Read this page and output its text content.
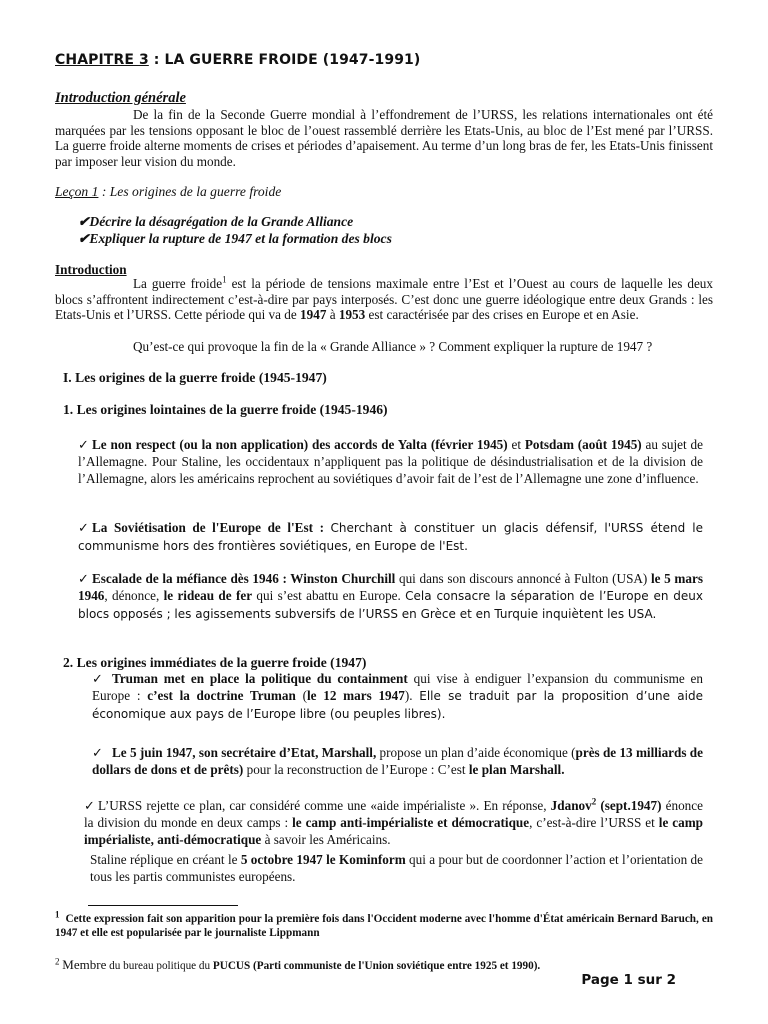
CHAPITRE 3 : LA GUERRE FROIDE (1947-1991)
Introduction générale
De la fin de la Seconde Guerre mondial à l’effondrement de l’URSS, les relations internationales ont été marquées par les tensions opposant le bloc de l’ouest rassemblé derrière les Etats-Unis, au bloc de l’Est mené par l’URSS. La guerre froide alterne moments de crises et périodes d’apaisement. Au terme d’un long bras de fer, les Etats-Unis finissent par imposer leur vision du monde.
Leçon 1 : Les origines de la guerre froide
✔Décrire la désagrégation de la Grande Alliance
✔Expliquer la rupture de 1947 et la formation des blocs
Introduction
La guerre froide$^1$ est la période de tensions maximale entre l’Est et l’Ouest au cours de laquelle les deux blocs s’affrontent indirectement c’est-à-dire par pays interposés. C’est donc une guerre idéologique entre deux Grands : les Etats-Unis et l’URSS. Cette période qui va de 1947 à 1953 est caractérisée par des crises en Europe et en Asie.
Qu’est-ce qui provoque la fin de la « Grande Alliance » ? Comment expliquer la rupture de 1947 ?
I. Les origines de la guerre froide (1945-1947)
1. Les origines lointaines de la guerre froide (1945-1946)
✓ Le non respect (ou la non application) des accords de Yalta (février 1945) et Potsdam (août 1945) au sujet de l’Allemagne. Pour Staline, les occidentaux n’appliquent pas la politique de désindustrialisation et de la division de l’Allemagne, alors les américains reprochent au soviétiques d’avoir fait de l’est de l’Allemagne une zone d’influence.
✓ La Soviétisation de l'Europe de l'Est : Cherchant à constituer un glacis défensif, l'URSS étend le communisme hors des frontières soviétiques, en Europe de l'Est.
✓ Escalade de la méfiance dès 1946 : Winston Churchill qui dans son discours annoncé à Fulton (USA) le 5 mars 1946, dénonce, le rideau de fer qui s’est abattu en Europe. Cela consacre la séparation de l’Europe en deux blocs opposés ; les agissements subversifs de l’URSS en Grèce et en Turquie inquiètent les USA.
2. Les origines immédiates de la guerre froide (1947)
✓ Truman met en place la politique du containment qui vise à endiguer l’expansion du communisme en Europe : c’est la doctrine Truman (le 12 mars 1947). Elle se traduit par la proposition d’une aide économique aux pays de l’Europe libre (ou peuples libres).
✓ Le 5 juin 1947, son secrétaire d’Etat, Marshall, propose un plan d’aide économique (près de 13 milliards de dollars de dons et de prêts) pour la reconstruction de l’Europe : C’est le plan Marshall.
✓ L’URSS rejette ce plan, car considéré comme une «aide impérialiste ». En réponse, Jdanov$^2$ (sept.1947) énonce la division du monde en deux camps : le camp anti-impérialiste et démocratique, c’est-à-dire l’URSS et le camp impérialiste, anti-démocratique à savoir les Américains.
Staline réplique en créant le 5 octobre 1947 le Kominform qui a pour but de coordonner l’action et l’orientation de tous les partis communistes européens.
$^1$ Cette expression fait son apparition pour la première fois dans l'Occident moderne avec l'homme d'État américain Bernard Baruch, en 1947 et elle est popularisée par le journaliste Lippmann
$^2$ Membre du bureau politique du PUCUS (Parti communiste de l'Union soviétique entre 1925 et 1990).
Page 1 sur 2
